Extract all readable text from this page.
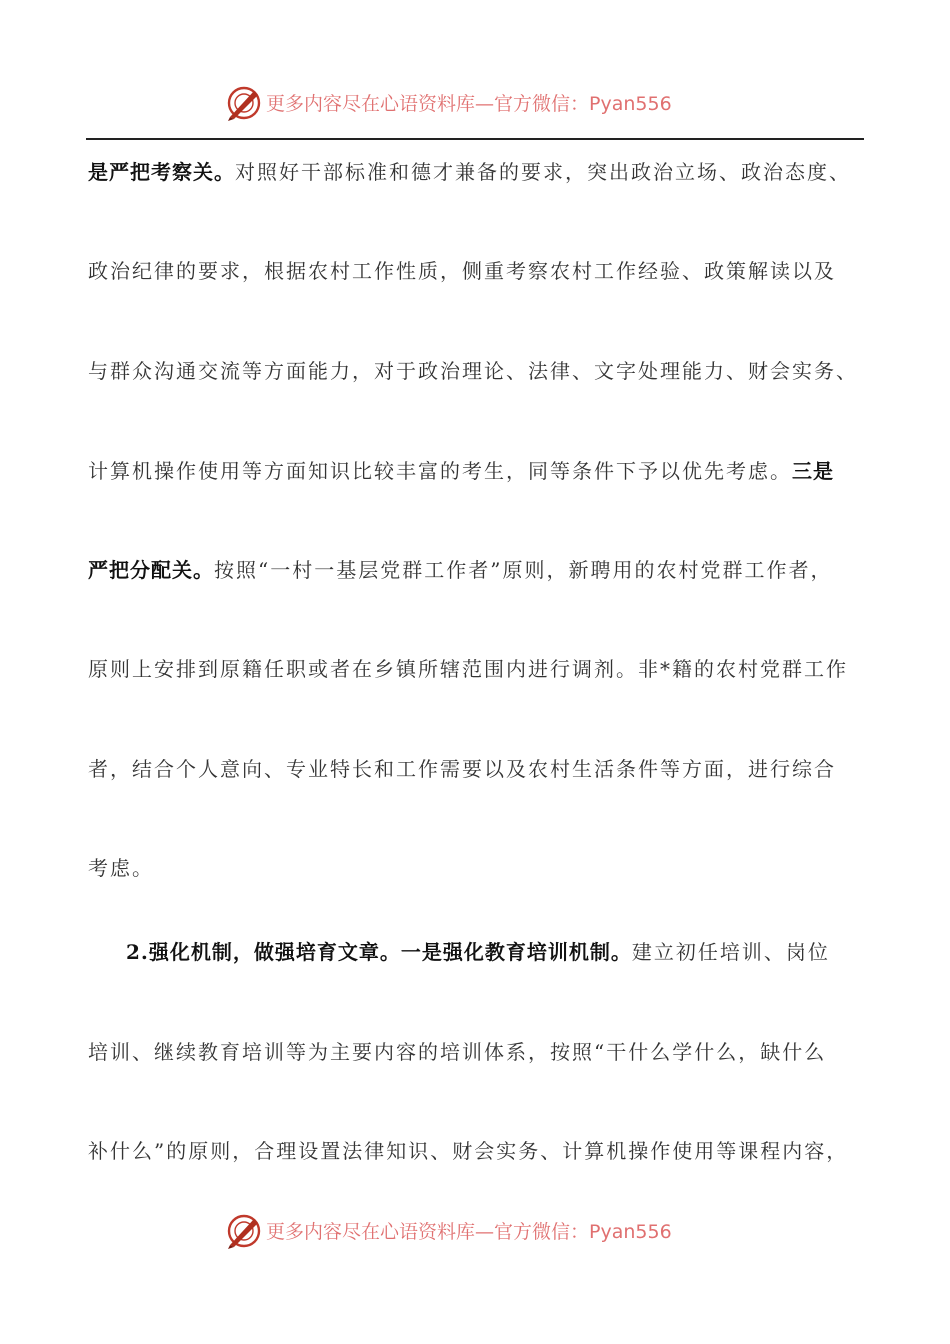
更多内容尽在心语资料库—官方微信：Pyan556
是严把考察关。对照好干部标准和德才兼备的要求，突出政治立场、政治态度、
政治纪律的要求，根据农村工作性质，侧重考察农村工作经验、政策解读以及
与群众沟通交流等方面能力，对于政治理论、法律、文字处理能力、财会实务、
计算机操作使用等方面知识比较丰富的考生，同等条件下予以优先考虑。三是
严把分配关。按照“一村一基层党群工作者”原则，新聘用的农村党群工作者，
原则上安排到原籍任职或者在乡镇所辖范围内进行调剂。非*籍的农村党群工作
者，结合个人意向、专业特长和工作需要以及农村生活条件等方面，进行综合
考虑。
2.强化机制，做强培育文章。一是强化教育培训机制。建立初任培训、岗位
培训、继续教育培训等为主要内容的培训体系，按照“干什么学什么，缺什么
补什么”的原则，合理设置法律知识、财会实务、计算机操作使用等课程内容，
更多内容尽在心语资料库—官方微信：Pyan556
